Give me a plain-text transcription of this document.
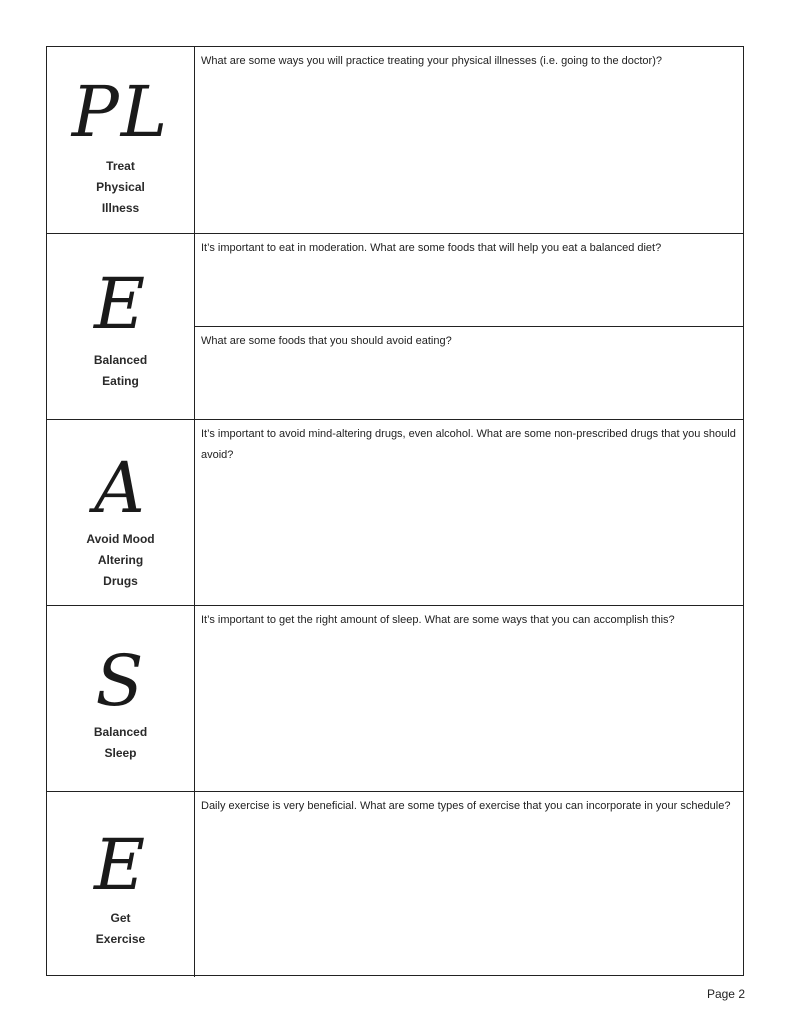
PL
Treat
Physical
Illness
What are some ways you will practice treating your physical illnesses (i.e. going to the doctor)?
E
Balanced
Eating
It’s important to eat in moderation. What are some foods that will help you eat a balanced diet?
What are some foods that you should avoid eating?
A
Avoid Mood
Altering
Drugs
It’s important to avoid mind-altering drugs, even alcohol. What are some non-prescribed drugs that you should avoid?
S
Balanced
Sleep
It’s important to get the right amount of sleep. What are some ways that you can accomplish this?
E
Get
Exercise
Daily exercise is very beneficial. What are some types of exercise that you can incorporate in your schedule?
Page 2
